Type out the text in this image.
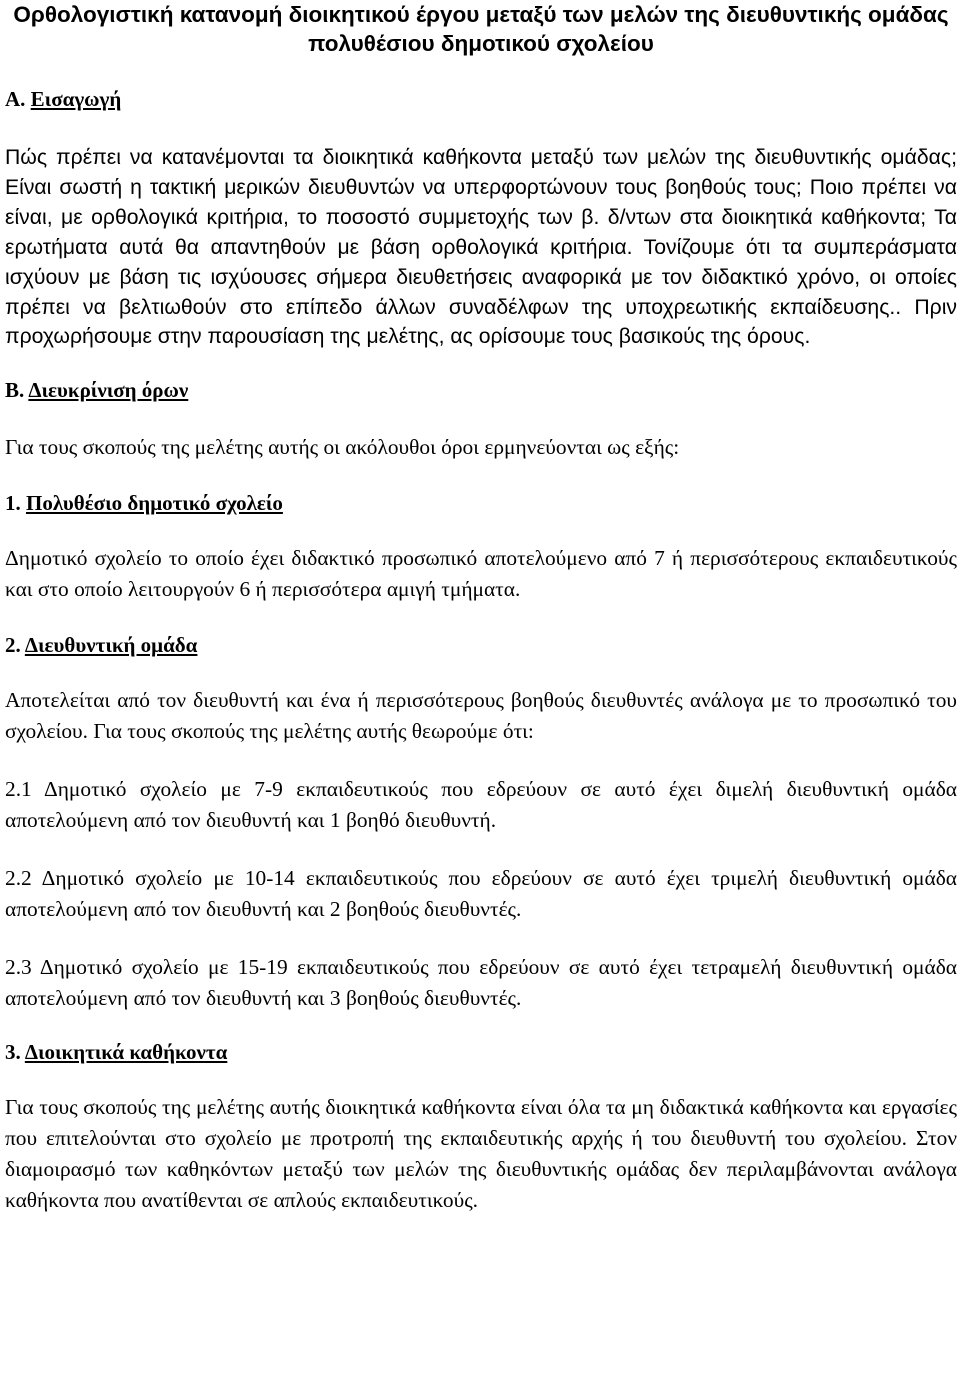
Ορθολογιστική κατανομή διοικητικού έργου μεταξύ των μελών της διευθυντικής ομάδας πολυθέσιου δημοτικού σχολείου
Α. Εισαγωγή

Πώς πρέπει να κατανέμονται τα διοικητικά καθήκοντα μεταξύ των μελών της διευθυντικής ομάδας; Είναι σωστή η τακτική μερικών διευθυντών να υπερφορτώνουν τους βοηθούς τους; Ποιο πρέπει να είναι, με ορθολογικά κριτήρια, το ποσοστό συμμετοχής των β. δ/ντων στα διοικητικά καθήκοντα; Τα ερωτήματα αυτά θα απαντηθούν με βάση ορθολογικά κριτήρια. Τονίζουμε ότι τα συμπεράσματα ισχύουν με βάση τις ισχύουσες σήμερα διευθετήσεις αναφορικά με τον διδακτικό χρόνο, οι οποίες πρέπει να βελτιωθούν στο επίπεδο άλλων συναδέλφων της υποχρεωτικής εκπαίδευσης.. Πριν προχωρήσουμε στην παρουσίαση της μελέτης, ας ορίσουμε τους βασικούς της όρους.

Β. Διευκρίνιση όρων

Για τους σκοπούς της μελέτης αυτής οι ακόλουθοι όροι ερμηνεύονται ως εξής:

1. Πολυθέσιο δημοτικό σχολείο

Δημοτικό σχολείο το οποίο έχει διδακτικό προσωπικό αποτελούμενο από 7 ή περισσότερους εκπαιδευτικούς και στο οποίο λειτουργούν 6 ή περισσότερα αμιγή τμήματα.

2. Διευθυντική ομάδα

Αποτελείται από τον διευθυντή και ένα ή περισσότερους βοηθούς διευθυντές ανάλογα με το προσωπικό του σχολείου. Για τους σκοπούς της μελέτης αυτής θεωρούμε ότι:

2.1 Δημοτικό σχολείο με 7-9 εκπαιδευτικούς που εδρεύουν σε αυτό έχει διμελή διευθυντική ομάδα αποτελούμενη από τον διευθυντή και 1 βοηθό διευθυντή.

2.2 Δημοτικό σχολείο με 10-14 εκπαιδευτικούς που εδρεύουν σε αυτό έχει τριμελή διευθυντική ομάδα αποτελούμενη από τον διευθυντή και 2 βοηθούς διευθυντές.

2.3 Δημοτικό σχολείο με 15-19 εκπαιδευτικούς που εδρεύουν σε αυτό έχει τετραμελή διευθυντική ομάδα αποτελούμενη από τον διευθυντή και 3 βοηθούς διευθυντές.

3. Διοικητικά καθήκοντα

Για τους σκοπούς της μελέτης αυτής διοικητικά καθήκοντα είναι όλα τα μη διδακτικά καθήκοντα και εργασίες που επιτελούνται στο σχολείο με προτροπή της εκπαιδευτικής αρχής ή του διευθυντή του σχολείου. Στον διαμοιρασμό των καθηκόντων μεταξύ των μελών της διευθυντικής ομάδας δεν περιλαμβάνονται ανάλογα καθήκοντα που ανατίθενται σε απλούς εκπαιδευτικούς.
